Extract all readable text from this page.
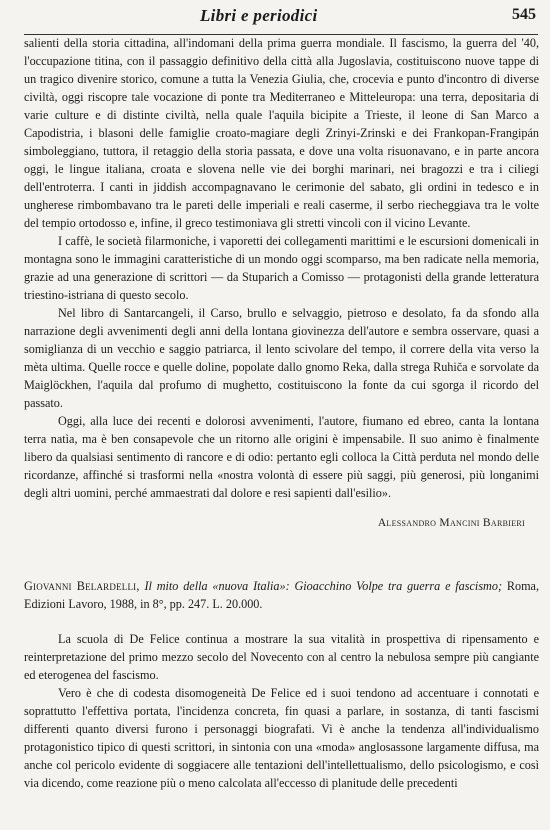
Libri e periodici	545

salienti della storia cittadina, all'indomani della prima guerra mondiale. Il fascismo, la guerra del '40, l'occupazione titina, con il passaggio definitivo della città alla Jugoslavia, costituiscono nuove tappe di un tragico divenire storico, comune a tutta la Venezia Giulia, che, crocevia e punto d'incontro di diverse civiltà, oggi riscopre tale vocazione di ponte tra Mediterraneo e Mitteleuropa: una terra, depositaria di varie culture e di distinte civiltà, nella quale l'aquila bicipite a Trieste, il leone di San Marco a Capodistria, i blasoni delle famiglie croato-magiare degli Zrinyi-Zrinski e dei Frankopan-Frangipán simboleggiano, tuttora, il retaggio della storia passata, e dove una volta risuonavano, e in parte ancora oggi, le lingue italiana, croata e slovena nelle vie dei borghi marinari, nei bragozzi e tra i ciliegi dell'entroterra. I canti in jiddish accompagnavano le cerimonie del sabato, gli ordini in tedesco e in ungherese rimbombavano tra le pareti delle imperiali e reali caserme, il serbo riecheggiava tra le volte del tempio ortodosso e, infine, il greco testimoniava gli stretti vincoli con il vicino Levante.

I caffè, le società filarmoniche, i vaporetti dei collegamenti marittimi e le escursioni domenicali in montagna sono le immagini caratteristiche di un mondo oggi scomparso, ma ben radicate nella memoria, grazie ad una generazione di scrittori — da Stuparich a Comisso — protagonisti della grande letteratura triestino-istriana di questo secolo.

Nel libro di Santarcangeli, il Carso, brullo e selvaggio, pietroso e desolato, fa da sfondo alla narrazione degli avvenimenti degli anni della lontana giovinezza dell'autore e sembra osservare, quasi a somiglianza di un vecchio e saggio patriarca, il lento scivolare del tempo, il correre della vita verso la mèta ultima. Quelle rocce e quelle doline, popolate dallo gnomo Reka, dalla strega Ruhiča e sorvolate da Maiglöckhen, l'aquila dal profumo di mughetto, costituiscono la fonte da cui sgorga il ricordo del passato.

Oggi, alla luce dei recenti e dolorosi avvenimenti, l'autore, fiumano ed ebreo, canta la lontana terra natìa, ma è ben consapevole che un ritorno alle origini è impensabile. Il suo animo è finalmente libero da qualsiasi sentimento di rancore e di odio: pertanto egli colloca la Città perduta nel mondo delle ricordanze, affinché si trasformi nella «nostra volontà di essere più saggi, più generosi, più longanimi degli altri uomini, perché ammaestrati dal dolore e resi sapienti dall'esilio».

Alessandro Mancini Barbieri

Giovanni Belardelli, Il mito della «nuova Italia»: Gioacchino Volpe tra guerra e fascismo; Roma, Edizioni Lavoro, 1988, in 8°, pp. 247. L. 20.000.

La scuola di De Felice continua a mostrare la sua vitalità in prospettiva di ripensamento e reinterpretazione del primo mezzo secolo del Novecento con al centro la nebulosa sempre più cangiante ed eterogenea del fascismo.

Vero è che di codesta disomogeneità De Felice ed i suoi tendono ad accentuare i connotati e soprattutto l'effettiva portata, l'incidenza concreta, fin quasi a parlare, in sostanza, di tanti fascismi differenti quanto diversi furono i personaggi biografati. Vi è anche la tendenza all'individualismo protagonistico tipico di questi scrittori, in sintonia con una «moda» anglosassone largamente diffusa, ma anche col pericolo evidente di soggiacere alle tentazioni dell'intellettualismo, dello psicologismo, e così via dicendo, come reazione più o meno calcolata all'eccesso di planitude delle precedenti
